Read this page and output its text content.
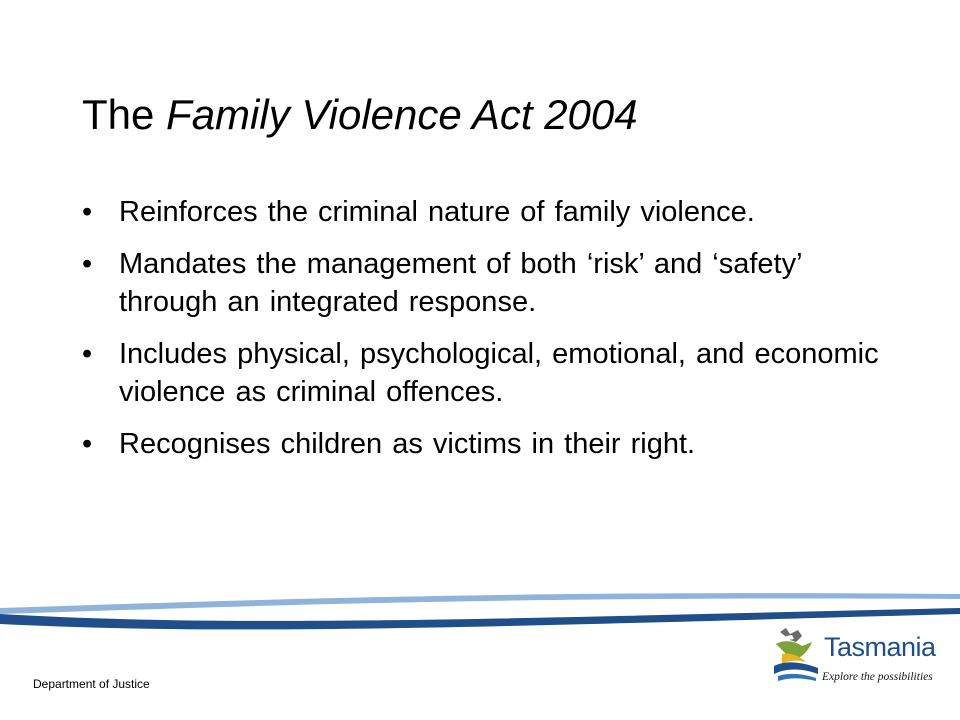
The Family Violence Act 2004
• Reinforces the criminal nature of family violence.
• Mandates the management of both ‘risk’ and ‘safety’ through an integrated response.
• Includes physical, psychological, emotional, and economic violence as criminal offences.
• Recognises children as victims in their right.
Department of Justice
Tasmania
Explore the possibilities
